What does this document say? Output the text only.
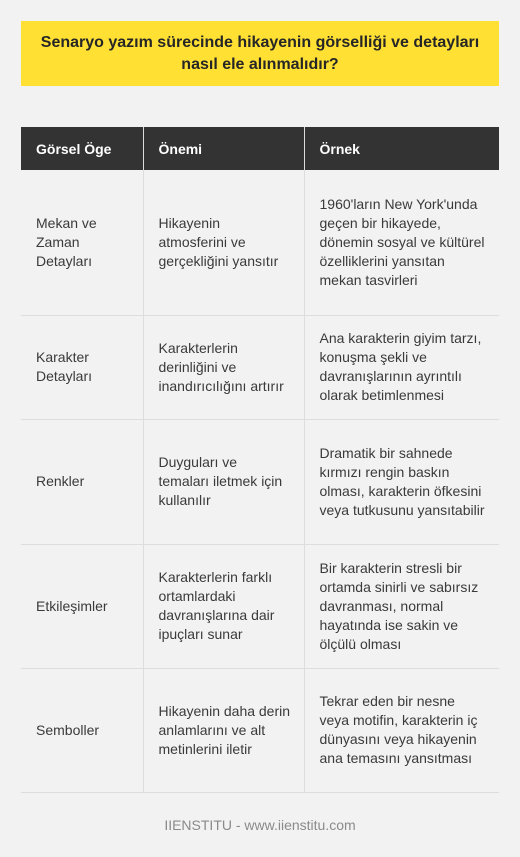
Senaryo yazım sürecinde hikayenin görselliği ve detayları nasıl ele alınmalıdır?
Görsel Öge	Önemi	Örnek
Mekan ve Zaman Detayları	Hikayenin atmosferini ve gerçekliğini yansıtır	1960'ların New York'unda geçen bir hikayede, dönemin sosyal ve kültürel özelliklerini yansıtan mekan tasvirleri
Karakter Detayları	Karakterlerin derinliğini ve inandırıcılığını artırır	Ana karakterin giyim tarzı, konuşma şekli ve davranışlarının ayrıntılı olarak betimlenmesi
Renkler	Duyguları ve temaları iletmek için kullanılır	Dramatik bir sahnede kırmızı rengin baskın olması, karakterin öfkesini veya tutkusunu yansıtabilir
Etkileşimler	Karakterlerin farklı ortamlardaki davranışlarına dair ipuçları sunar	Bir karakterin stresli bir ortamda sinirli ve sabırsız davranması, normal hayatında ise sakin ve ölçülü olması
Semboller	Hikayenin daha derin anlamlarını ve alt metinlerini iletir	Tekrar eden bir nesne veya motifin, karakterin iç dünyasını veya hikayenin ana temasını yansıtması
IIENSTITU - www.iienstitu.com
